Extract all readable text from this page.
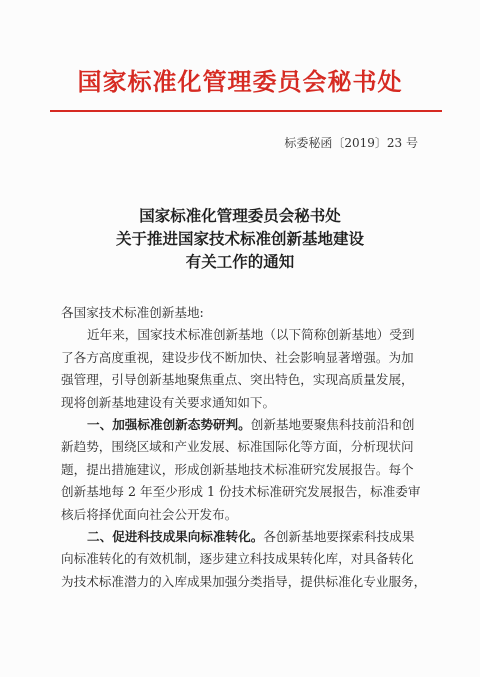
国家标准化管理委员会秘书处
标委秘函〔2019〕23 号
国家标准化管理委员会秘书处
关于推进国家技术标准创新基地建设
有关工作的通知
各国家技术标准创新基地:
近年来，国家技术标准创新基地（以下简称创新基地）受到
了各方高度重视，建设步伐不断加快、社会影响显著增强。为加
强管理，引导创新基地聚焦重点、突出特色，实现高质量发展，
现将创新基地建设有关要求通知如下。
一、加强标准创新态势研判。创新基地要聚焦科技前沿和创
新趋势，围绕区域和产业发展、标准国际化等方面，分析现状问
题，提出措施建议，形成创新基地技术标准研究发展报告。每个
创新基地每 2 年至少形成 1 份技术标准研究发展报告，标准委审
核后将择优面向社会公开发布。
二、促进科技成果向标准转化。各创新基地要探索科技成果
向标准转化的有效机制，逐步建立科技成果转化库，对具备转化
为技术标准潜力的入库成果加强分类指导，提供标准化专业服务，
